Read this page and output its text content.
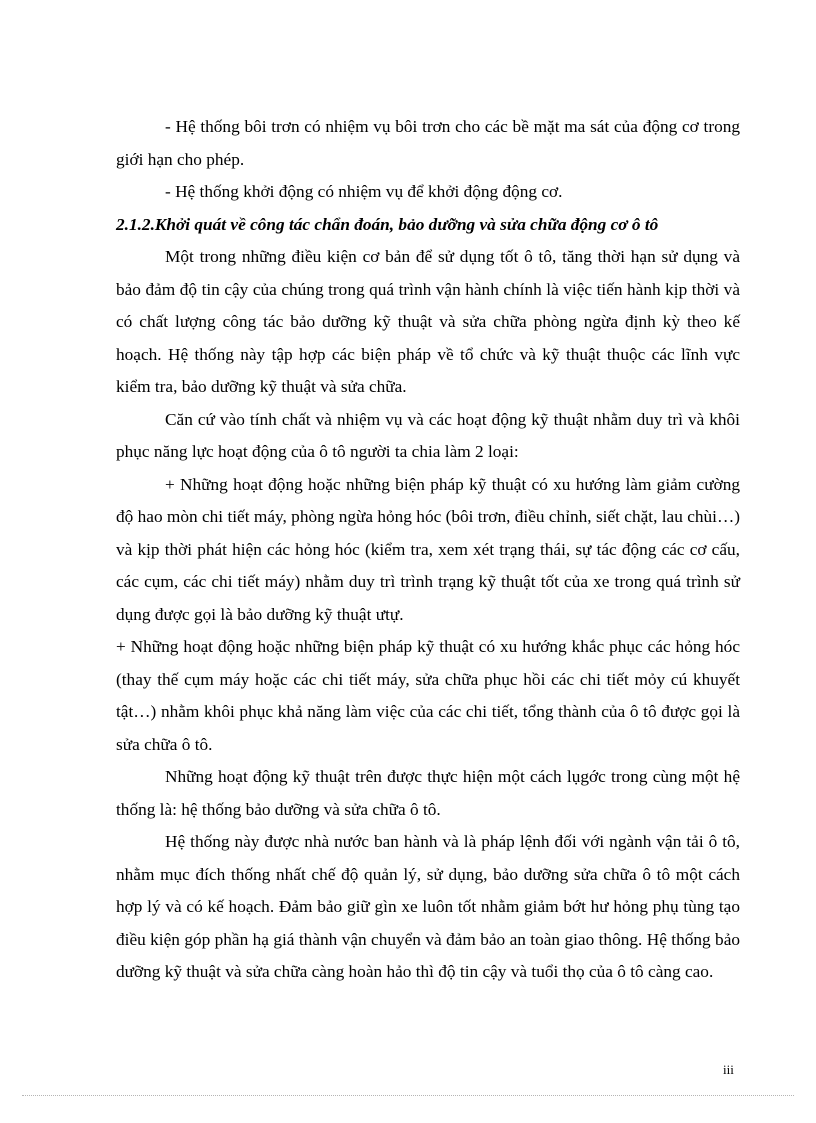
- Hệ thống bôi trơn có nhiệm vụ bôi trơn cho các bề mặt ma sát của động cơ trong giới hạn cho phép.

- Hệ thống khởi động có nhiệm vụ để khởi động động cơ.

2.1.2.Khởi quát về công tác chẩn đoán, bảo dưỡng và sửa chữa động cơ ô tô

Một trong những điều kiện cơ bản để sử dụng tốt ô tô, tăng thời hạn sử dụng và bảo đảm độ tin cậy của chúng trong quá trình vận hành chính là việc tiến hành kịp thời và có chất lượng công tác bảo dưỡng kỹ thuật và sửa chữa phòng ngừa định kỳ theo kế hoạch. Hệ thống này tập hợp các biện pháp về tổ chức và kỹ thuật thuộc các lĩnh vực kiểm tra, bảo dưỡng kỹ thuật và sửa chữa.

Căn cứ vào tính chất và nhiệm vụ và các hoạt động kỹ thuật nhằm duy trì và khôi phục năng lực hoạt động của ô tô người ta chia làm 2 loại:

+ Những hoạt động hoặc những biện pháp kỹ thuật có xu hướng làm giảm cường độ hao mòn chi tiết máy, phòng ngừa hỏng hóc (bôi trơn, điều chỉnh, siết chặt, lau chùi…) và kịp thời phát hiện các hỏng hóc (kiểm tra, xem xét trạng thái, sự tác động các cơ cấu, các cụm, các chi tiết máy) nhằm duy trì trình trạng kỹ thuật tốt của xe trong quá trình sử dụng được gọi là bảo dưỡng kỹ thuật ưtự.

+ Những hoạt động hoặc những biện pháp kỹ thuật có xu hướng khắc phục các hỏng hóc (thay thế cụm máy hoặc các chi tiết máy, sửa chữa phục hồi các chi tiết mỏy cú khuyết tật…) nhằm khôi phục khả năng làm việc của các chi tiết, tổng thành của ô tô được gọi là sửa chữa ô tô.

Những hoạt động kỹ thuật trên được thực hiện một cách lụgớc trong cùng một hệ thống là: hệ thống bảo dưỡng và sửa chữa ô tô.

Hệ thống này được nhà nước ban hành và là pháp lệnh đối với ngành vận tải ô tô, nhằm mục đích thống nhất chế độ quản lý, sử dụng, bảo dưỡng sửa chữa ô tô một cách hợp lý và có kế hoạch. Đảm bảo giữ gìn xe luôn tốt nhằm giảm bớt hư hỏng phụ tùng tạo điều kiện góp phần hạ giá thành vận chuyển và đảm bảo an toàn giao thông. Hệ thống bảo dưỡng kỹ thuật và sửa chữa càng hoàn hảo thì độ tin cậy và tuổi thọ của ô tô càng cao.

iii
